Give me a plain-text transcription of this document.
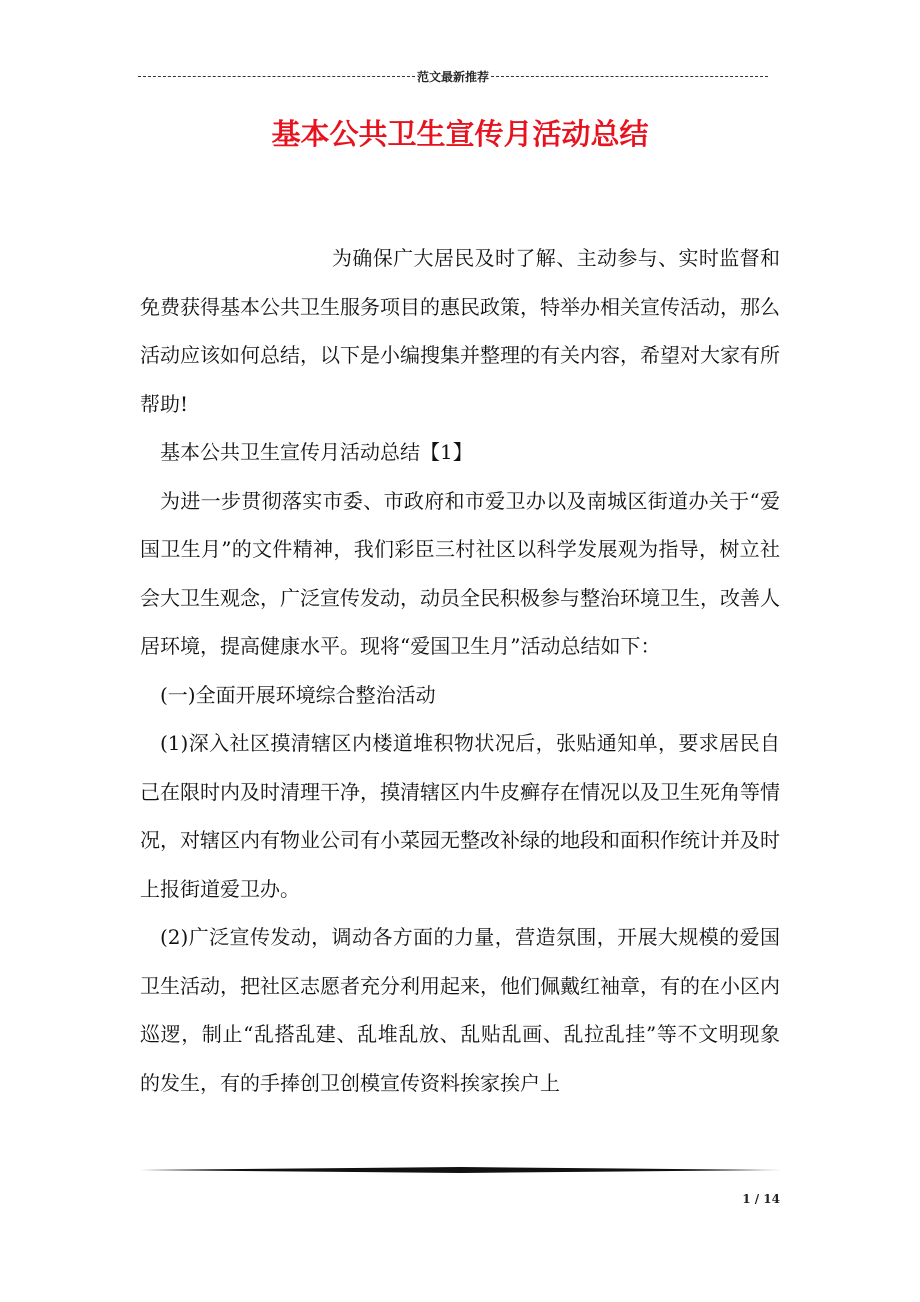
范文最新推荐
基本公共卫生宣传月活动总结

为确保广大居民及时了解、主动参与、实时监督和免费获得基本公共卫生服务项目的惠民政策，特举办相关宣传活动，那么活动应该如何总结，以下是小编搜集并整理的有关内容，希望对大家有所帮助!

基本公共卫生宣传月活动总结【1】

为进一步贯彻落实市委、市政府和市爱卫办以及南城区街道办关于“爱国卫生月”的文件精神，我们彩臣三村社区以科学发展观为指导，树立社会大卫生观念，广泛宣传发动，动员全民积极参与整治环境卫生，改善人居环境，提高健康水平。现将“爱国卫生月”活动总结如下：

(一)全面开展环境综合整治活动

(1)深入社区摸清辖区内楼道堆积物状况后，张贴通知单，要求居民自己在限时内及时清理干净，摸清辖区内牛皮癣存在情况以及卫生死角等情况，对辖区内有物业公司有小菜园无整改补绿的地段和面积作统计并及时上报街道爱卫办。

(2)广泛宣传发动，调动各方面的力量，营造氛围，开展大规模的爱国卫生活动，把社区志愿者充分利用起来，他们佩戴红袖章，有的在小区内巡逻，制止“乱搭乱建、乱堆乱放、乱贴乱画、乱拉乱挂”等不文明现象的发生，有的手捧创卫创模宣传资料挨家挨户上

1 / 14
